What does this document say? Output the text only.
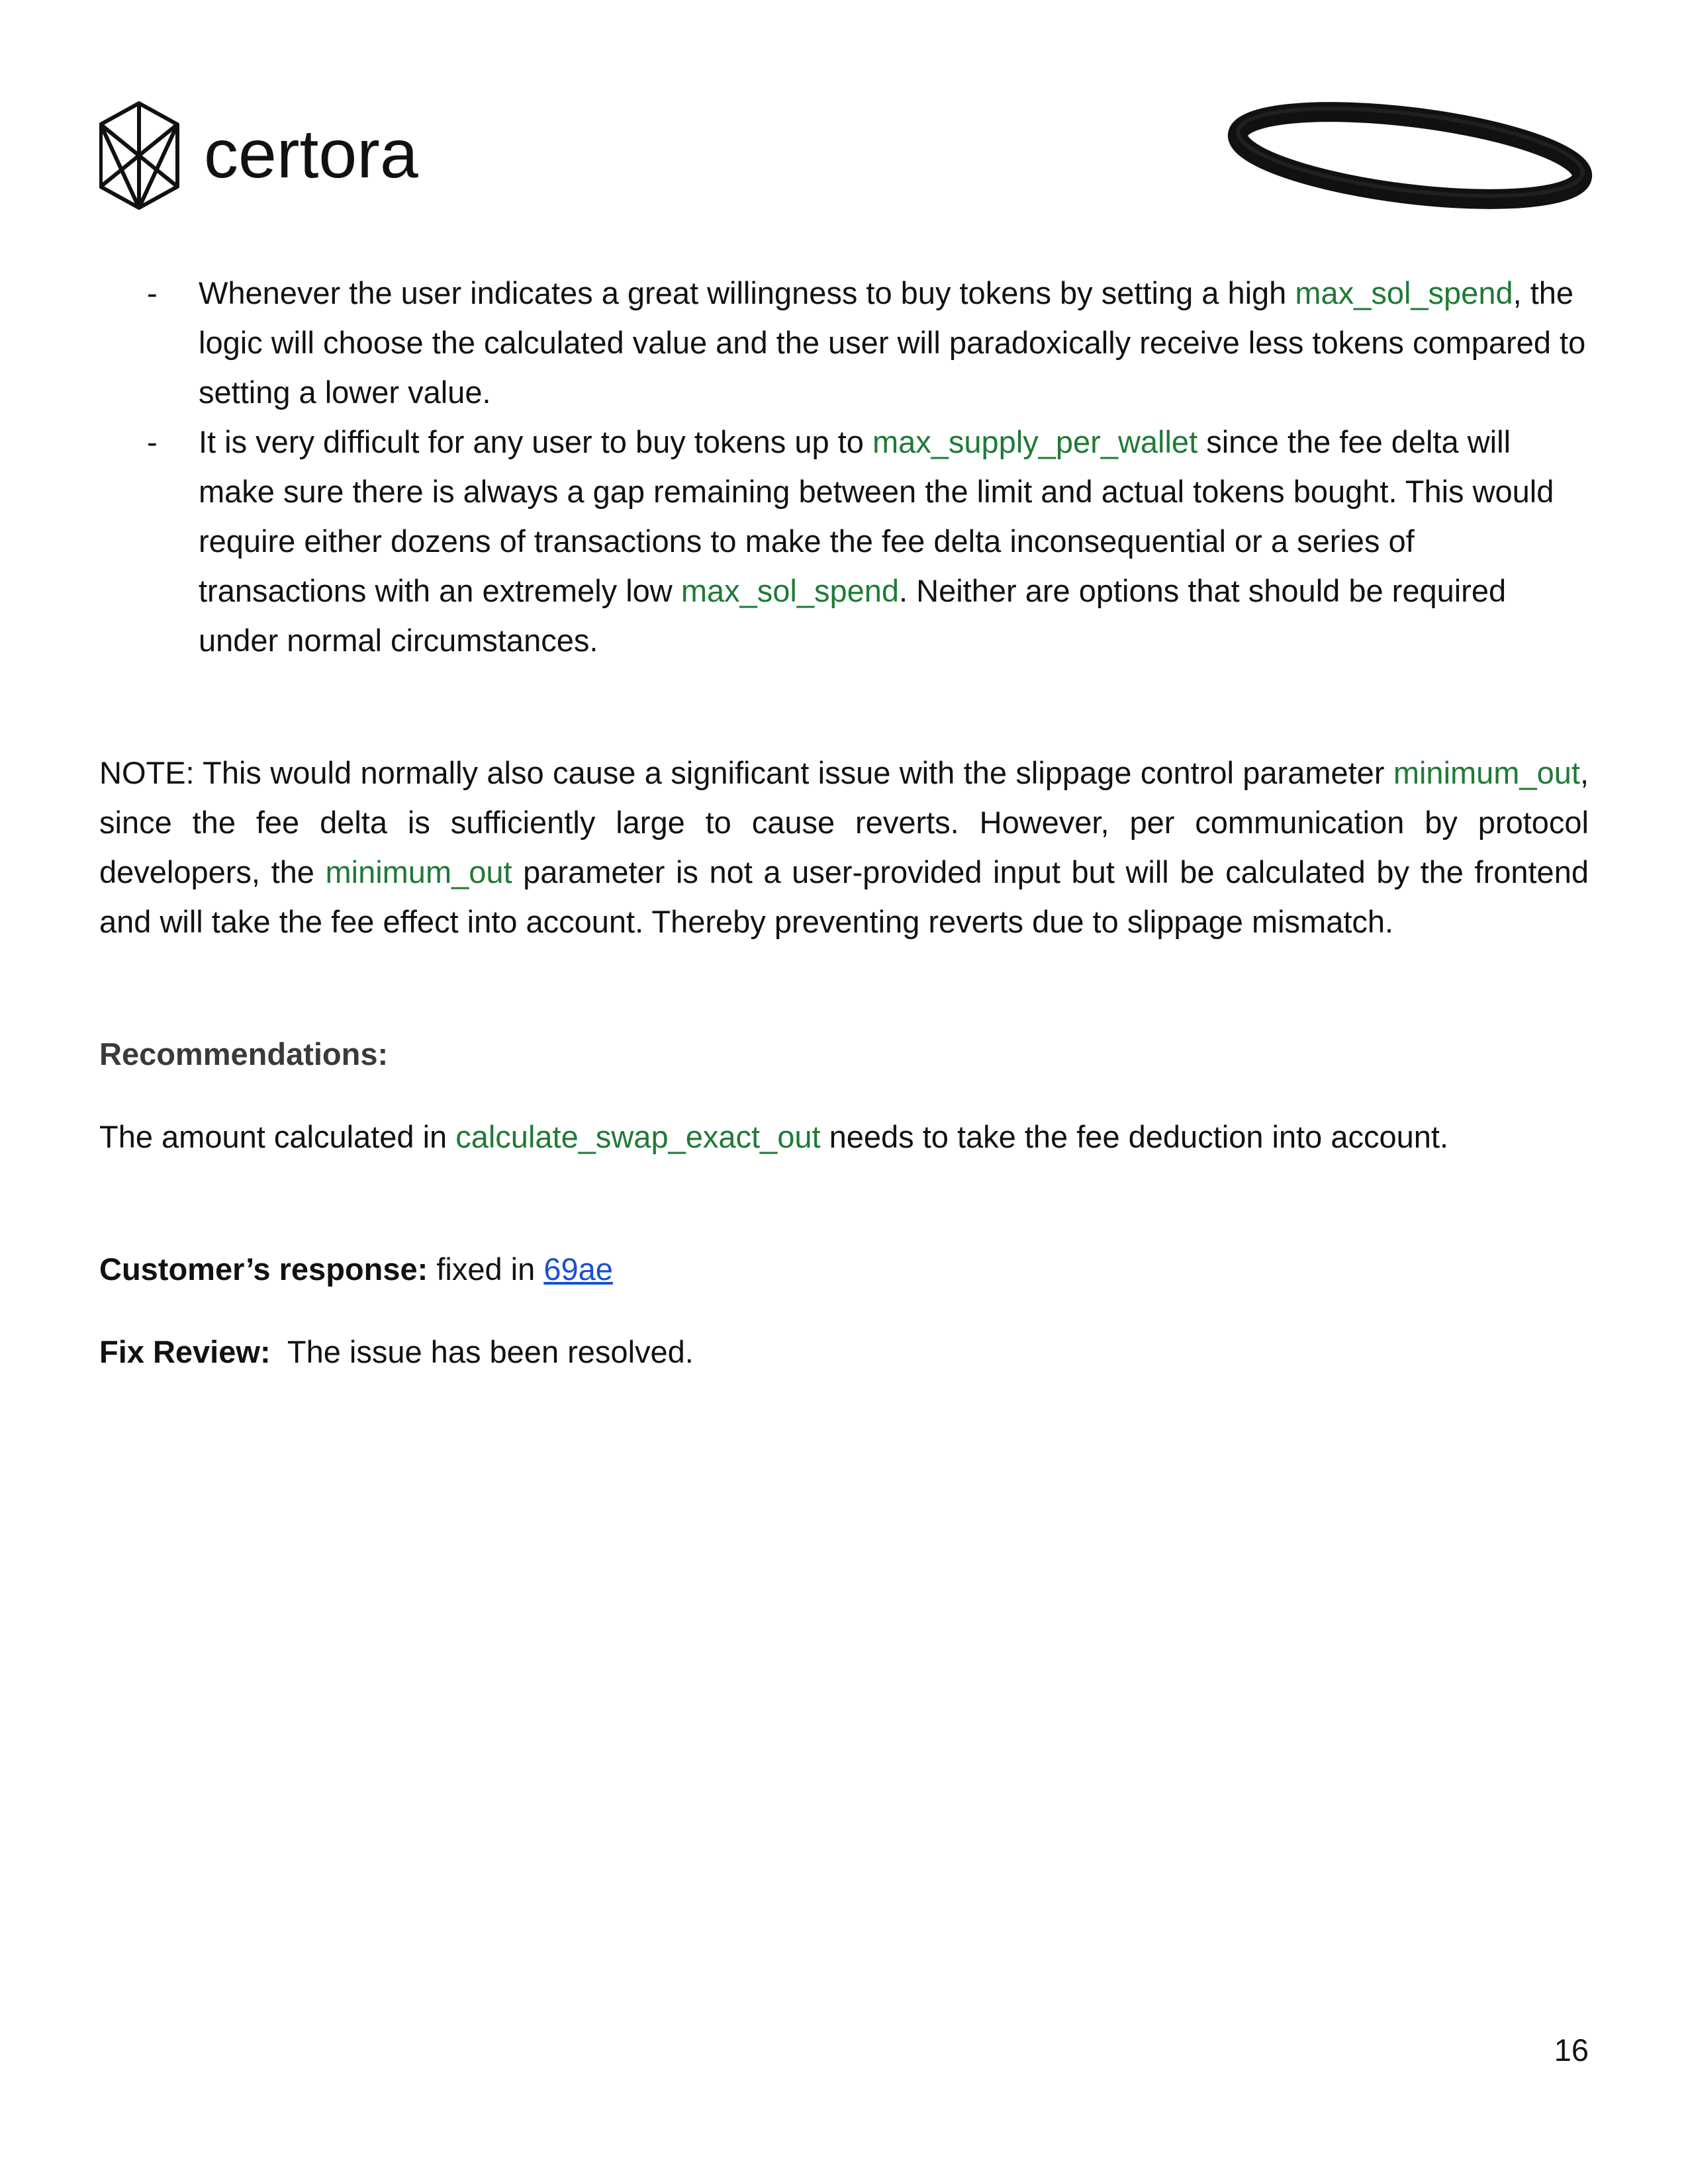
certora
- Whenever the user indicates a great willingness to buy tokens by setting a high max_sol_spend, the logic will choose the calculated value and the user will paradoxically receive less tokens compared to setting a lower value.
- It is very difficult for any user to buy tokens up to max_supply_per_wallet since the fee delta will make sure there is always a gap remaining between the limit and actual tokens bought. This would require either dozens of transactions to make the fee delta inconsequential or a series of transactions with an extremely low max_sol_spend. Neither are options that should be required under normal circumstances.

NOTE: This would normally also cause a significant issue with the slippage control parameter minimum_out, since the fee delta is sufficiently large to cause reverts. However, per communication by protocol developers, the minimum_out parameter is not a user-provided input but will be calculated by the frontend and will take the fee effect into account. Thereby preventing reverts due to slippage mismatch.

Recommendations:

The amount calculated in calculate_swap_exact_out needs to take the fee deduction into account.

Customer’s response: fixed in 69ae

Fix Review:  The issue has been resolved.

16
